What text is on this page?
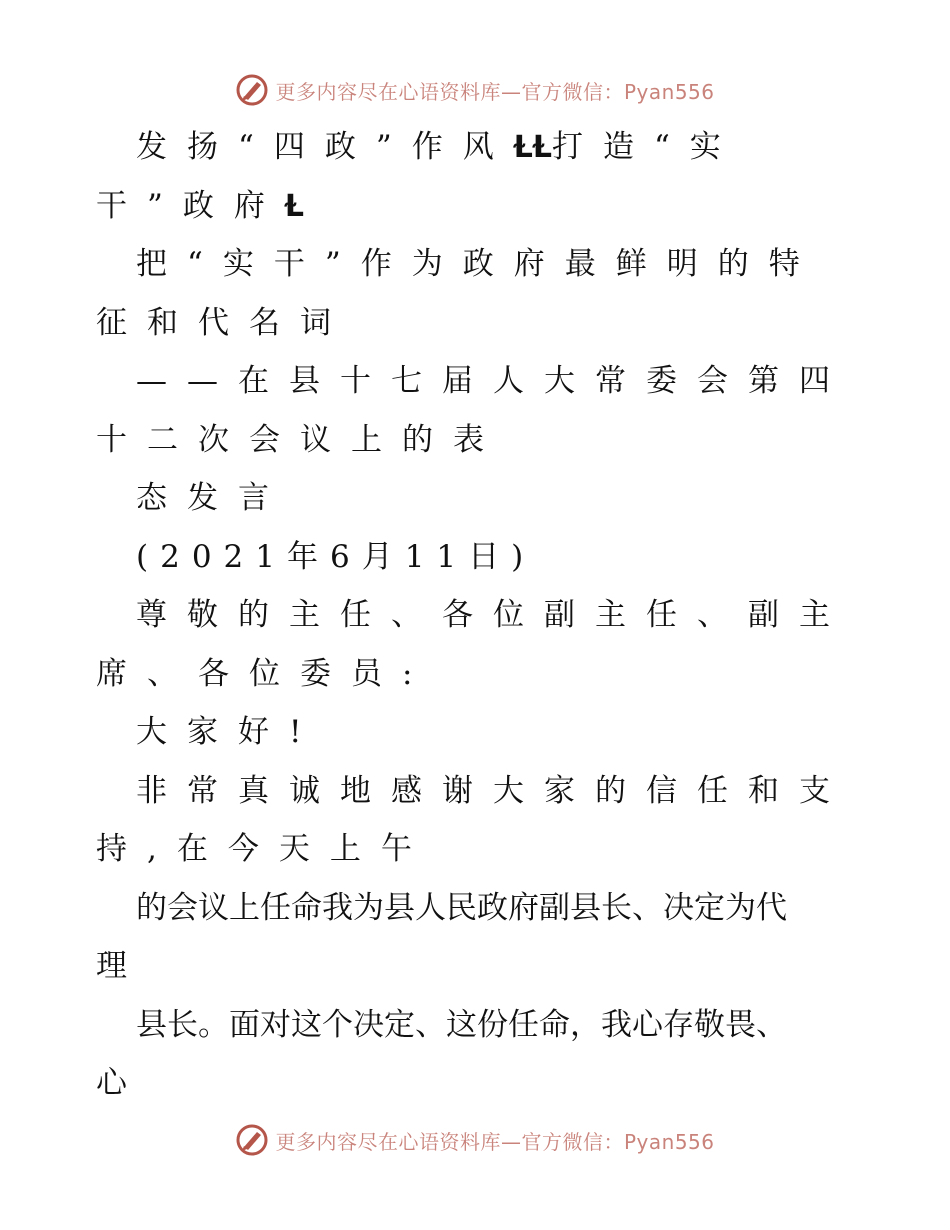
更多内容尽在心语资料库—官方微信：Pyan556
发扬“四政”作风ⱢⱢ打造“实
干”政府Ɫ
把“实干”作为政府最鲜明的特
征和代名词
——在县十七届人大常委会第四
十二次会议上的表
态发言
(2021年6月11日)
尊敬的主任、各位副主任、副主
席、各位委员:
大家好!
非常真诚地感谢大家的信任和支
持,在今天上午
的会议上任命我为县人民政府副县长、决定为代
理
县长。面对这个决定、这份任命，我心存敬畏、
心
更多内容尽在心语资料库—官方微信：Pyan556
